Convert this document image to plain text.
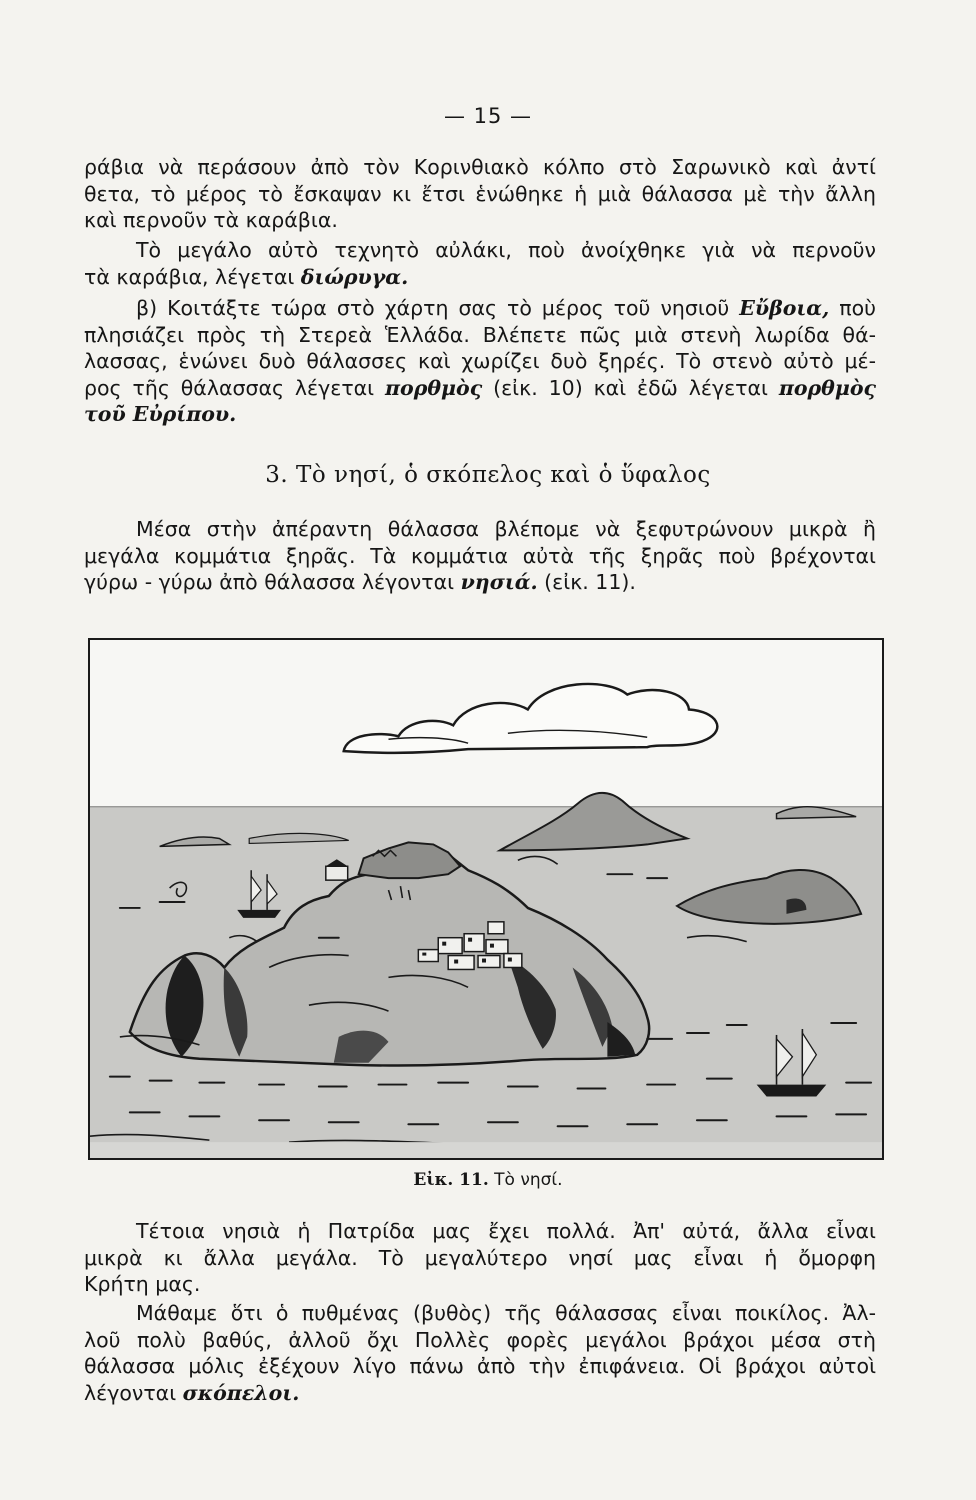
— 15 —
ράβια νὰ περάσουν ἀπὸ τὸν Κορινθιακὸ κόλπο στὸ Σαρωνικὸ καὶ ἀντί
θετα, τὸ μέρος τὸ ἔσκαψαν κι ἔτσι ἑνώθηκε ἡ μιὰ θάλασσα μὲ τὴν ἄλλη
καὶ περνοῦν τὰ καράβια.
Τὸ μεγάλο αὐτὸ τεχνητὸ αὐλάκι, ποὺ ἀνοίχθηκε γιὰ νὰ περνοῦν
τὰ καράβια, λέγεται διώρυγα.
β) Κοιτάξτε τώρα στὸ χάρτη σας τὸ μέρος τοῦ νησιοῦ Εὔβοια, ποὺ
πλησιάζει πρὸς τὴ Στερεὰ Ἑλλάδα. Βλέπετε πῶς μιὰ στενὴ λωρίδα θά-
λασσας, ἑνώνει δυὸ θάλασσες καὶ χωρίζει δυὸ ξηρές. Τὸ στενὸ αὐτὸ μέ-
ρος τῆς θάλασσας λέγεται πορθμὸς (εἰκ. 10) καὶ ἐδῶ λέγεται πορθμὸς
τοῦ Εὐρίπου.
3. Τὸ νησί, ὁ σκόπελος καὶ ὁ ὕφαλος
Μέσα στὴν ἀπέραντη θάλασσα βλέπομε νὰ ξεφυτρώνουν μικρὰ ἢ
μεγάλα κομμάτια ξηρᾶς. Τὰ κομμάτια αὐτὰ τῆς ξηρᾶς ποὺ βρέχονται
γύρω - γύρω ἀπὸ θάλασσα λέγονται νησιά. (εἰκ. 11).
Εἰκ. 11. Τὸ νησί.
Τέτοια νησιὰ ἡ Πατρίδα μας ἔχει πολλά. Ἀπ' αὐτά, ἄλλα εἶναι
μικρὰ κι ἄλλα μεγάλα. Τὸ μεγαλύτερο νησί μας εἶναι ἡ ὄμορφη
Κρήτη μας.
Μάθαμε ὅτι ὁ πυθμένας (βυθὸς) τῆς θάλασσας εἶναι ποικίλος. Ἀλ-
λοῦ πολὺ βαθύς, ἀλλοῦ ὄχι Πολλὲς φορὲς μεγάλοι βράχοι μέσα στὴ
θάλασσα μόλις ἐξέχουν λίγο πάνω ἀπὸ τὴν ἐπιφάνεια. Οἱ βράχοι αὐτοὶ
λέγονται σκόπελοι.
